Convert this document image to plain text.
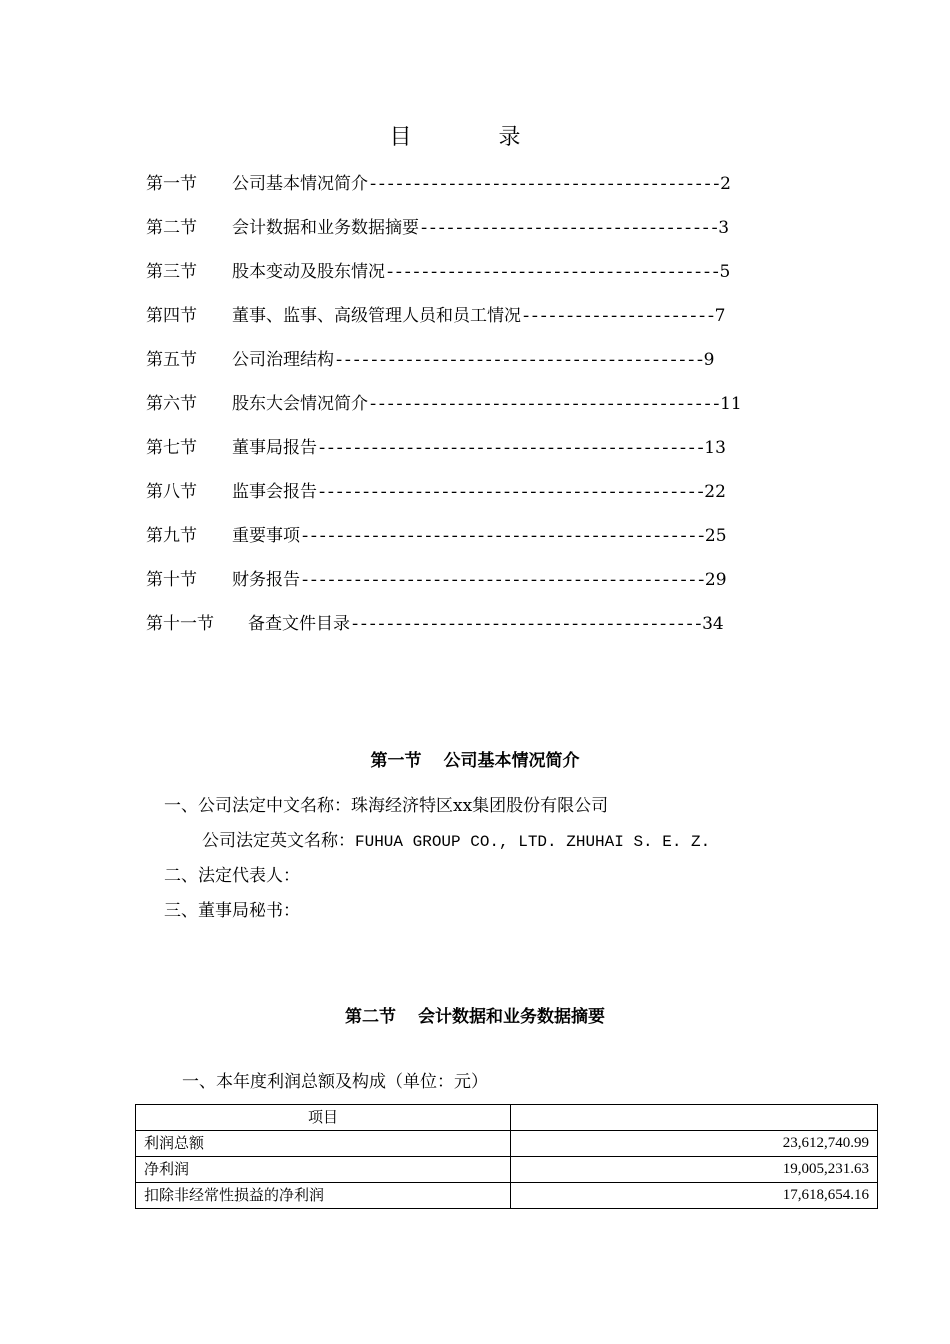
目 录
第一节 公司基本情况简介----------------------------------------2
第二节 会计数据和业务数据摘要----------------------------------3
第三节 股本变动及股东情况--------------------------------------5
第四节 董事、监事、高级管理人员和员工情况----------------------7
第五节 公司治理结构------------------------------------------9
第六节 股东大会情况简介----------------------------------------11
第七节 董事局报告--------------------------------------------13
第八节 监事会报告--------------------------------------------22
第九节 重要事项----------------------------------------------25
第十节 财务报告----------------------------------------------29
第十一节 备查文件目录----------------------------------------34
第一节 公司基本情况简介
一、公司法定中文名称：珠海经济特区xx集团股份有限公司
公司法定英文名称：FUHUA GROUP CO., LTD. ZHUHAI S. E. Z.
二、法定代表人：
三、董事局秘书：
第二节 会计数据和业务数据摘要
一、本年度利润总额及构成（单位：元）
项目	
利润总额	23,612,740.99
净利润	19,005,231.63
扣除非经常性损益的净利润	17,618,654.16
